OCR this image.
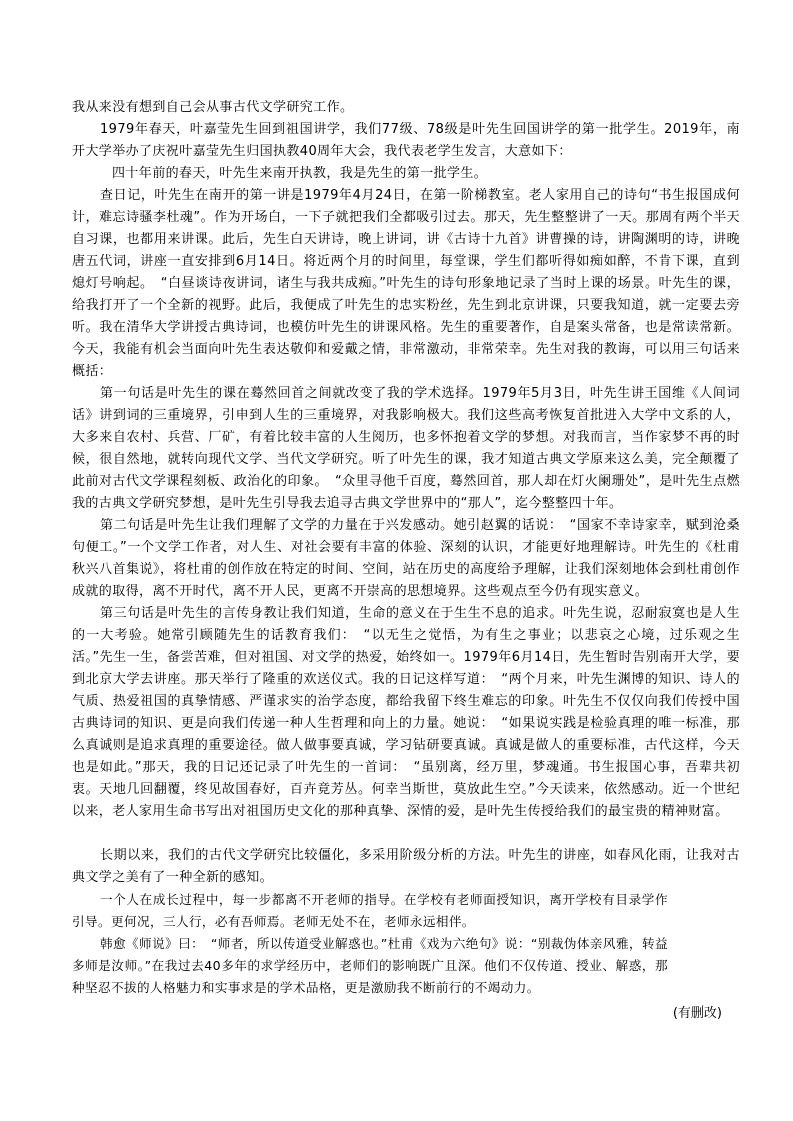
我从来没有想到自己会从事古代文学研究工作。

1979年春天，叶嘉莹先生回到祖国讲学，我们77级、78级是叶先生回国讲学的第一批学生。2019年，南开大学举办了庆祝叶嘉莹先生归国执教40周年大会，我代表老学生发言，大意如下：

四十年前的春天，叶先生来南开执教，我是先生的第一批学生。

查日记，叶先生在南开的第一讲是1979年4月24日，在第一阶梯教室。老人家用自己的诗句“书生报国成何计，难忘诗骚李杜魂”。作为开场白，一下子就把我们全都吸引过去。那天，先生整整讲了一天。那周有两个半天自习课，也都用来讲课。此后，先生白天讲诗，晚上讲词，讲《古诗十九首》讲曹操的诗，讲陶渊明的诗，讲晚唐五代词，讲座一直安排到6月14日。将近两个月的时间里，每堂课，学生们都听得如痴如醉，不肯下课，直到熄灯号响起。　“白昼谈诗夜讲词，诸生与我共成痴。”叶先生的诗句形象地记录了当时上课的场景。叶先生的课，给我打开了一个全新的视野。此后，我便成了叶先生的忠实粉丝，先生到北京讲课，只要我知道，就一定要去旁听。我在清华大学讲授古典诗词，也模仿叶先生的讲课风格。先生的重要著作，自是案头常备，也是常读常新。今天，我能有机会当面向叶先生表达敬仰和爱戴之情，非常激动，非常荣幸。先生对我的教诲，可以用三句话来概括：

第一句话是叶先生的课在蓦然回首之间就改变了我的学术选择。1979年5月3日，叶先生讲王国维《人间词话》讲到词的三重境界，引申到人生的三重境界，对我影响极大。我们这些高考恢复首批进入大学中文系的人，大多来自农村、兵营、厂矿，有着比较丰富的人生阅历，也多怀抱着文学的梦想。对我而言，当作家梦不再的时候，很自然地，就转向现代文学、当代文学研究。听了叶先生的课，我才知道古典文学原来这么美，完全颠覆了此前对古代文学课程刻板、政治化的印象。　“众里寻他千百度，蓦然回首，那人却在灯火阑珊处”，是叶先生点燃我的古典文学研究梦想，是叶先生引导我去追寻古典文学世界中的“那人”，迄今整整四十年。

第二句话是叶先生让我们理解了文学的力量在于兴发感动。她引赵翼的话说：　“国家不幸诗家幸，赋到沧桑句便工。”一个文学工作者，对人生、对社会要有丰富的体验、深刻的认识，才能更好地理解诗。叶先生的《杜甫秋兴八首集说》，将杜甫的创作放在特定的时间、空间，站在历史的高度给予理解，让我们深刻地体会到杜甫创作成就的取得，离不开时代，离不开人民，更离不开崇高的思想境界。这些观点至今仍有现实意义。

第三句话是叶先生的言传身教让我们知道，生命的意义在于生生不息的追求。叶先生说，忍耐寂寞也是人生的一大考验。她常引顾随先生的话教育我们：　“以无生之觉悟，为有生之事业；以悲哀之心境，过乐观之生活。”先生一生，备尝苦难，但对祖国、对文学的热爱，始终如一。1979年6月14日，先生暂时告别南开大学，要到北京大学去讲座。那天举行了隆重的欢送仪式。我的日记这样写道：　“两个月来，叶先生渊博的知识、诗人的气质、热爱祖国的真挚情感、严谨求实的治学态度，都给我留下终生难忘的印象。叶先生不仅仅向我们传授中国古典诗词的知识、更是向我们传递一种人生哲理和向上的力量。她说：　“如果说实践是检验真理的唯一标准，那么真诚则是追求真理的重要途径。做人做事要真诚，学习钻研要真诚。真诚是做人的重要标准，古代这样，今天也是如此。”那天，我的日记还记录了叶先生的一首词：　“虽别离，经万里，梦魂通。书生报国心事，吾辈共初衷。天地几回翻覆，终见故国春好，百卉竟芳丛。何幸当斯世，莫放此生空。”今天读来，依然感动。近一个世纪以来，老人家用生命书写出对祖国历史文化的那种真挚、深情的爱，是叶先生传授给我们的最宝贵的精神财富。

长期以来，我们的古代文学研究比较僵化，多采用阶级分析的方法。叶先生的讲座，如春风化雨，让我对古典文学之美有了一种全新的感知。

一个人在成长过程中，每一步都离不开老师的指导。在学校有老师面授知识，离开学校有目录学作引导。更何况，三人行，必有吾师焉。老师无处不在，老师永远相伴。

韩愈《师说》曰：　“师者，所以传道受业解惑也。”杜甫《戏为六绝句》说：“别裁伪体亲风雅，转益多师是汝师。”在我过去40多年的求学经历中，老师们的影响既广且深。他们不仅传道、授业、解惑，那种坚忍不拔的人格魅力和实事求是的学术品格，更是激励我不断前行的不竭动力。

(有删改)
